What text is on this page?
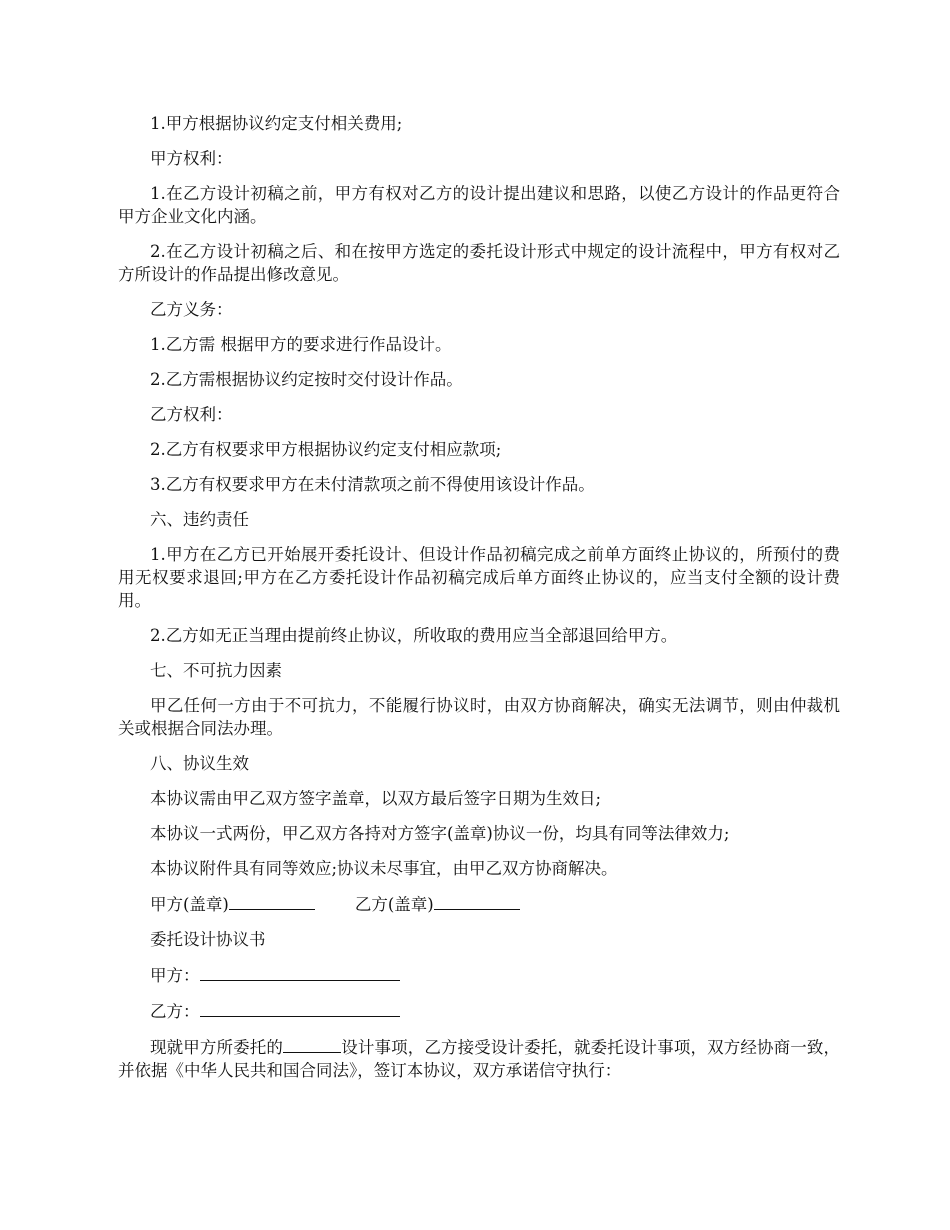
1.甲方根据协议约定支付相关费用;

甲方权利：

1.在乙方设计初稿之前，甲方有权对乙方的设计提出建议和思路，以使乙方设计的作品更符合甲方企业文化内涵。

2.在乙方设计初稿之后、和在按甲方选定的委托设计形式中规定的设计流程中，甲方有权对乙方所设计的作品提出修改意见。

乙方义务：

1.乙方需 根据甲方的要求进行作品设计。

2.乙方需根据协议约定按时交付设计作品。

乙方权利：

2.乙方有权要求甲方根据协议约定支付相应款项;

3.乙方有权要求甲方在未付清款项之前不得使用该设计作品。

六、违约责任

1.甲方在乙方已开始展开委托设计、但设计作品初稿完成之前单方面终止协议的，所预付的费用无权要求退回;甲方在乙方委托设计作品初稿完成后单方面终止协议的，应当支付全额的设计费用。

2.乙方如无正当理由提前终止协议，所收取的费用应当全部退回给甲方。

七、不可抗力因素

甲乙任何一方由于不可抗力，不能履行协议时，由双方协商解决，确实无法调节，则由仲裁机关或根据合同法办理。

八、协议生效

本协议需由甲乙双方签字盖章，以双方最后签字日期为生效日;

本协议一式两份，甲乙双方各持对方签字(盖章)协议一份，均具有同等法律效力;

本协议附件具有同等效应;协议未尽事宜，由甲乙双方协商解决。

甲方(盖章)	乙方(盖章)

委托设计协议书

甲方：
乙方：

现就甲方所委托的	设计事项，乙方接受设计委托，就委托设计事项，双方经协商一致，并依据《中华人民共和国合同法》，签订本协议，双方承诺信守执行：
